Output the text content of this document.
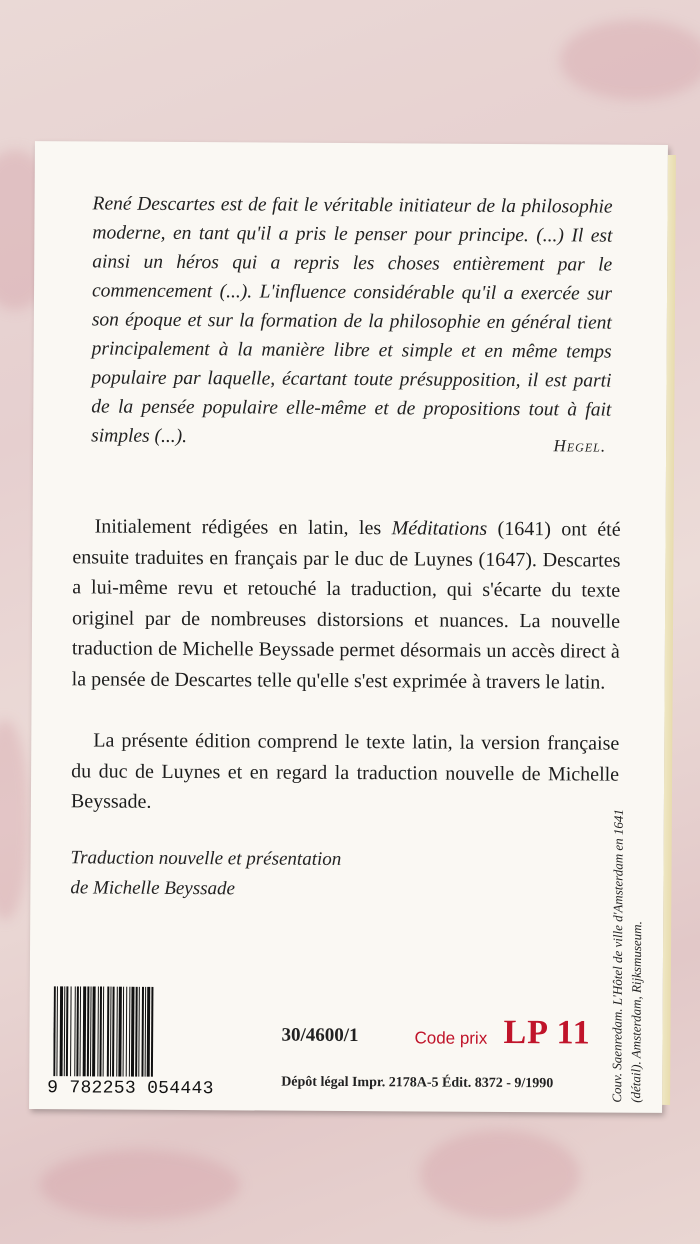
René Descartes est de fait le véritable initiateur de la philosophie moderne, en tant qu'il a pris le penser pour principe. (...) Il est ainsi un héros qui a repris les choses entièrement par le commencement (...). L'influence considérable qu'il a exercée sur son époque et sur la formation de la philosophie en général tient principalement à la manière libre et simple et en même temps populaire par laquelle, écartant toute présupposition, il est parti de la pensée populaire elle-même et de propositions tout à fait simples (...).	Hegel.

Initialement rédigées en latin, les Méditations (1641) ont été ensuite traduites en français par le duc de Luynes (1647). Descartes a lui-même revu et retouché la traduction, qui s'écarte du texte originel par de nombreuses distorsions et nuances. La nouvelle traduction de Michelle Beyssade permet désormais un accès direct à la pensée de Descartes telle qu'elle s'est exprimée à travers le latin.

La présente édition comprend le texte latin, la version française du duc de Luynes et en regard la traduction nouvelle de Michelle Beyssade.

Traduction nouvelle et présentation
de Michelle Beyssade
9 782253 054443
30/4600/1	Code prix LP 11
Dépôt légal Impr. 2178A-5 Édit. 8372 - 9/1990	Couv. Saenredam. L'Hôtel de ville d'Amsterdam en 1641 (détail). Amsterdam, Rijksmuseum.
